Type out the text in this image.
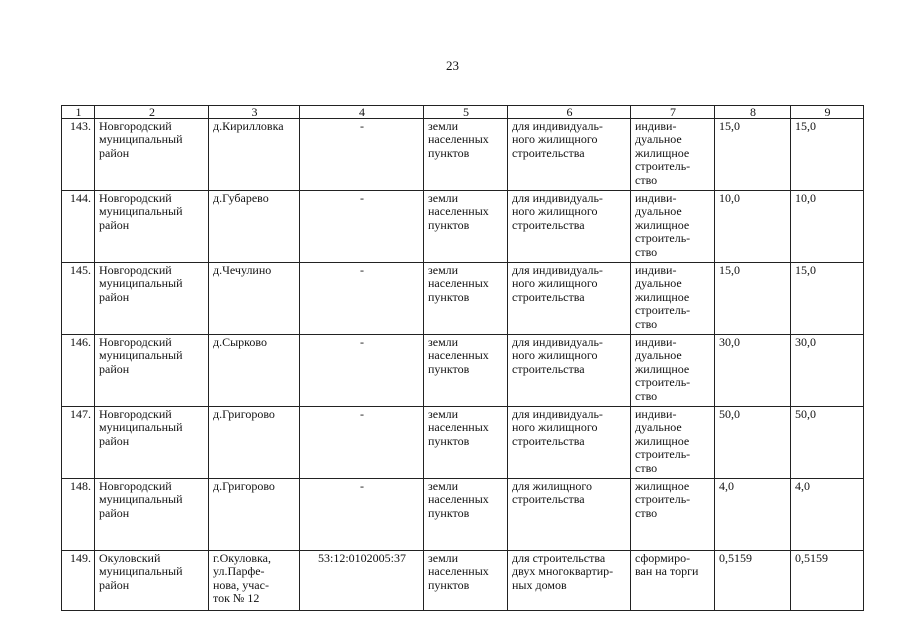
23
1	2	3	4	5	6	7	8	9
143.	Новгородский
муниципальный
район	д.Кирилловка	-	земли
населенных
пунктов	для индивидуаль-
ного жилищного
строительства	индиви-
дуальное
жилищное
строитель-
ство	15,0	15,0
144.	Новгородский
муниципальный
район	д.Губарево	-	земли
населенных
пунктов	для индивидуаль-
ного жилищного
строительства	индиви-
дуальное
жилищное
строитель-
ство	10,0	10,0
145.	Новгородский
муниципальный
район	д.Чечулино	-	земли
населенных
пунктов	для индивидуаль-
ного жилищного
строительства	индиви-
дуальное
жилищное
строитель-
ство	15,0	15,0
146.	Новгородский
муниципальный
район	д.Сырково	-	земли
населенных
пунктов	для индивидуаль-
ного жилищного
строительства	индиви-
дуальное
жилищное
строитель-
ство	30,0	30,0
147.	Новгородский
муниципальный
район	д.Григорово	-	земли
населенных
пунктов	для индивидуаль-
ного жилищного
строительства	индиви-
дуальное
жилищное
строитель-
ство	50,0	50,0
148.	Новгородский
муниципальный
район	д.Григорово	-	земли
населенных
пунктов	для жилищного
строительства	жилищное
строитель-
ство	4,0	4,0
149.	Окуловский
муниципальный
район	г.Окуловка,
ул.Парфе-
нова, учас-
ток № 12	53:12:0102005:37	земли
населенных
пунктов	для строительства
двух многоквартир-
ных домов	сформиро-
ван на торги	0,5159	0,5159
